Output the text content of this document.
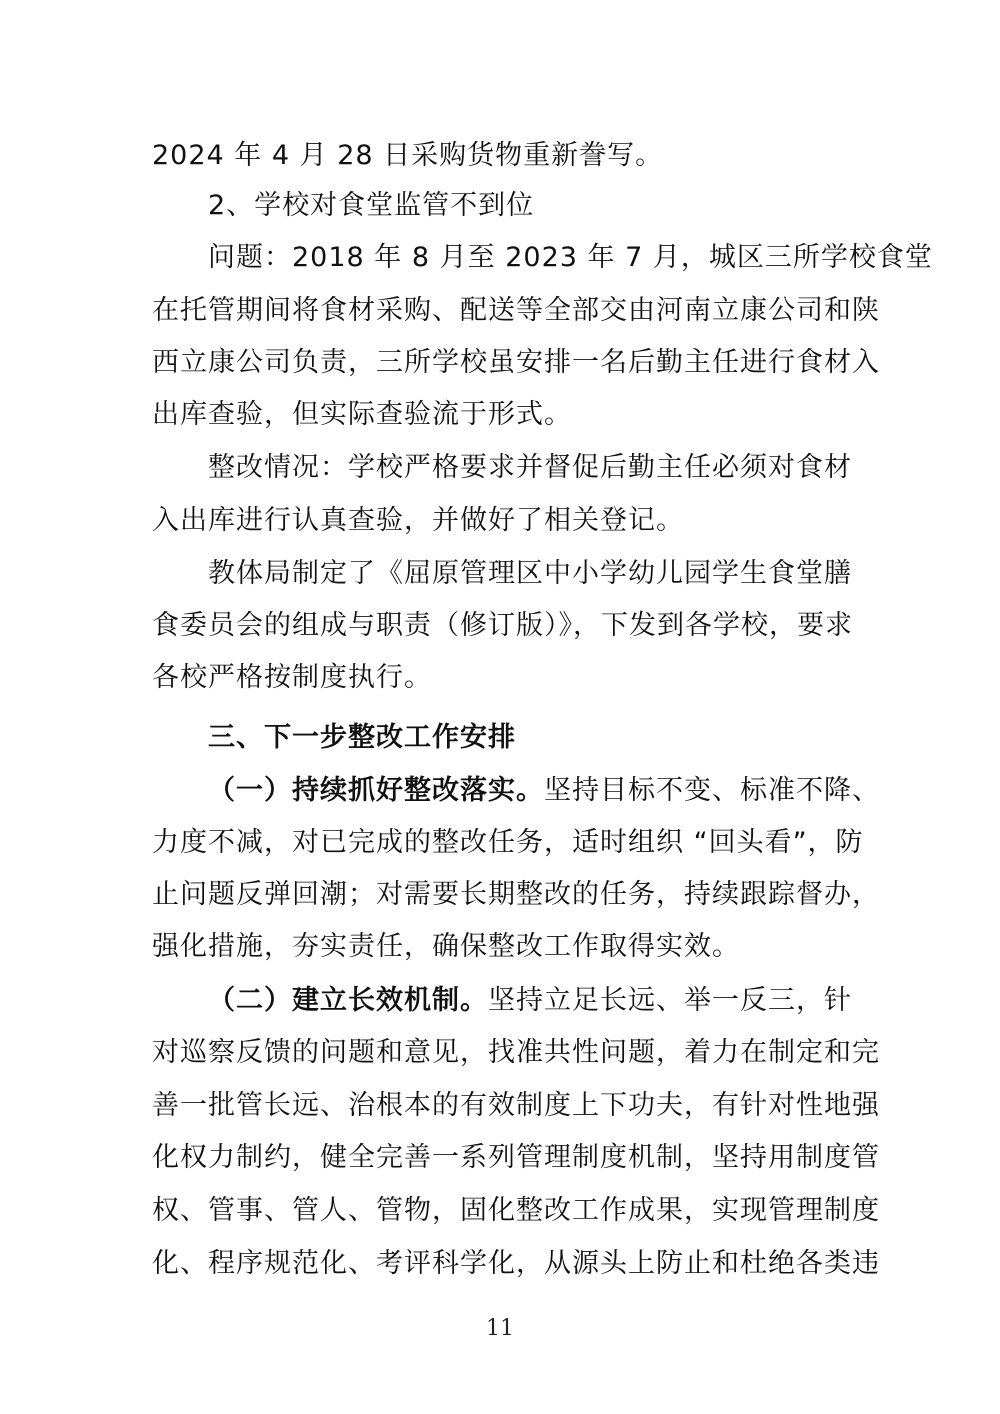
2024 年 4 月 28 日采购货物重新誊写。
2、学校对食堂监管不到位
问题：2018 年 8 月至 2023 年 7 月，城区三所学校食堂
在托管期间将食材采购、配送等全部交由河南立康公司和陕
西立康公司负责，三所学校虽安排一名后勤主任进行食材入
出库查验，但实际查验流于形式。
整改情况：学校严格要求并督促后勤主任必须对食材
入出库进行认真查验，并做好了相关登记。
教体局制定了《屈原管理区中小学幼儿园学生食堂膳
食委员会的组成与职责（修订版）》，下发到各学校，要求
各校严格按制度执行。
三、下一步整改工作安排
（一）持续抓好整改落实。坚持目标不变、标准不降、
力度不减，对已完成的整改任务，适时组织 “回头看”，防
止问题反弹回潮；对需要长期整改的任务，持续跟踪督办，
强化措施，夯实责任，确保整改工作取得实效。
（二）建立长效机制。坚持立足长远、举一反三，针
对巡察反馈的问题和意见，找准共性问题，着力在制定和完
善一批管长远、治根本的有效制度上下功夫，有针对性地强
化权力制约，健全完善一系列管理制度机制，坚持用制度管
权、管事、管人、管物，固化整改工作成果，实现管理制度
化、程序规范化、考评科学化，从源头上防止和杜绝各类违
11
